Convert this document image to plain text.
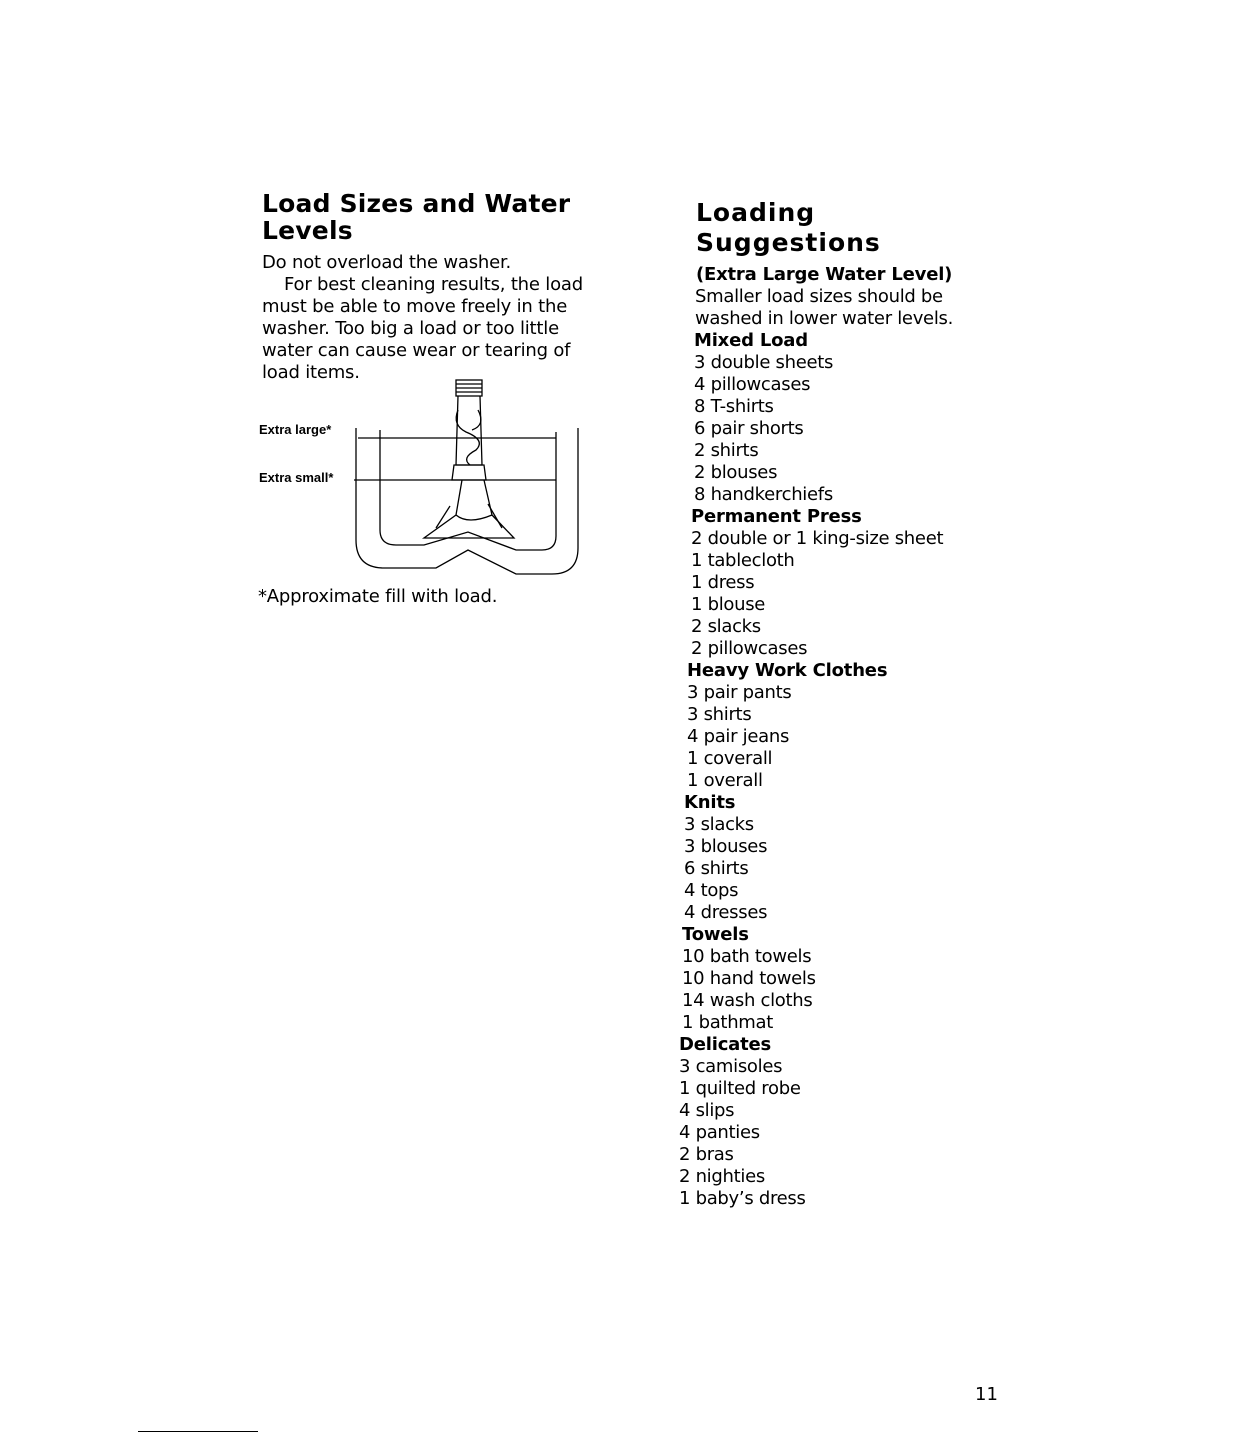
Load Sizes and Water Levels

Do not overload the washer.

For best cleaning results, the load must be able to move freely in the washer. Too big a load or too little water can cause wear or tearing of load items.

Extra large*
Extra small*
*Approximate fill with load.
Loading Suggestions
(Extra Large Water Level)
Smaller load sizes should be washed in lower water levels.
Mixed Load
3 double sheets
4 pillowcases
8 T-shirts
6 pair shorts
2 shirts
2 blouses
8 handkerchiefs
Permanent Press
2 double or 1 king-size sheet
1 tablecloth
1 dress
1 blouse
2 slacks
2 pillowcases
Heavy Work Clothes
3 pair pants
3 shirts
4 pair jeans
1 coverall
1 overall
Knits
3 slacks
3 blouses
6 shirts
4 tops
4 dresses
Towels
10 bath towels
10 hand towels
14 wash cloths
1 bathmat
Delicates
3 camisoles
1 quilted robe
4 slips
4 panties
2 bras
2 nighties
1 baby’s dress
11
